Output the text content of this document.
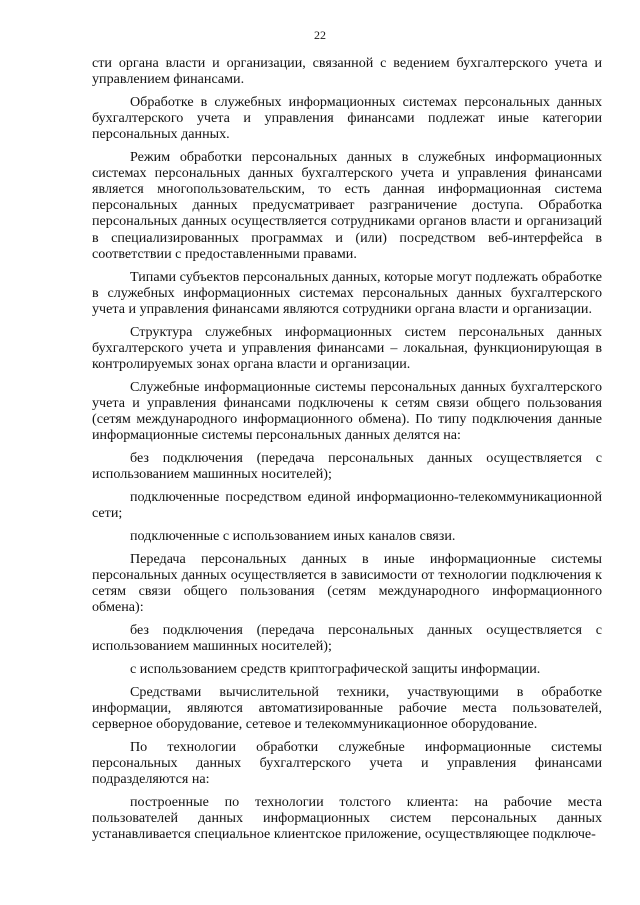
22

сти органа власти и организации, связанной с ведением бухгалтерского учета и управлением финансами.

Обработке в служебных информационных системах персональных данных бухгалтерского учета и управления финансами подлежат иные категории персональных данных.

Режим обработки персональных данных в служебных информационных системах персональных данных бухгалтерского учета и управления финансами является многопользовательским, то есть данная информационная система персональных данных предусматривает разграничение доступа. Обработка персональных данных осуществляется сотрудниками органов власти и организаций в специализированных программах и (или) посредством веб-интерфейса в соответствии с предоставленными правами.

Типами субъектов персональных данных, которые могут подлежать обработке в служебных информационных системах персональных данных бухгалтерского учета и управления финансами являются сотрудники органа власти и организации.

Структура служебных информационных систем персональных данных бухгалтерского учета и управления финансами – локальная, функционирующая в контролируемых зонах органа власти и организации.

Служебные информационные системы персональных данных бухгалтерского учета и управления финансами подключены к сетям связи общего пользования (сетям международного информационного обмена). По типу подключения данные информационные системы персональных данных делятся на:

без подключения (передача персональных данных осуществляется с использованием машинных носителей);

подключенные посредством единой информационно-телекоммуникационной сети;

подключенные с использованием иных каналов связи.

Передача персональных данных в иные информационные системы персональных данных осуществляется в зависимости от технологии подключения к сетям связи общего пользования (сетям международного информационного обмена):

без подключения (передача персональных данных осуществляется с использованием машинных носителей);

с использованием средств криптографической защиты информации.

Средствами вычислительной техники, участвующими в обработке информации, являются автоматизированные рабочие места пользователей, серверное оборудование, сетевое и телекоммуникационное оборудование.

По технологии обработки служебные информационные системы персональных данных бухгалтерского учета и управления финансами подразделяются на:

построенные по технологии толстого клиента: на рабочие места пользователей данных информационных систем персональных данных устанавливается специальное клиентское приложение, осуществляющее подключе-
